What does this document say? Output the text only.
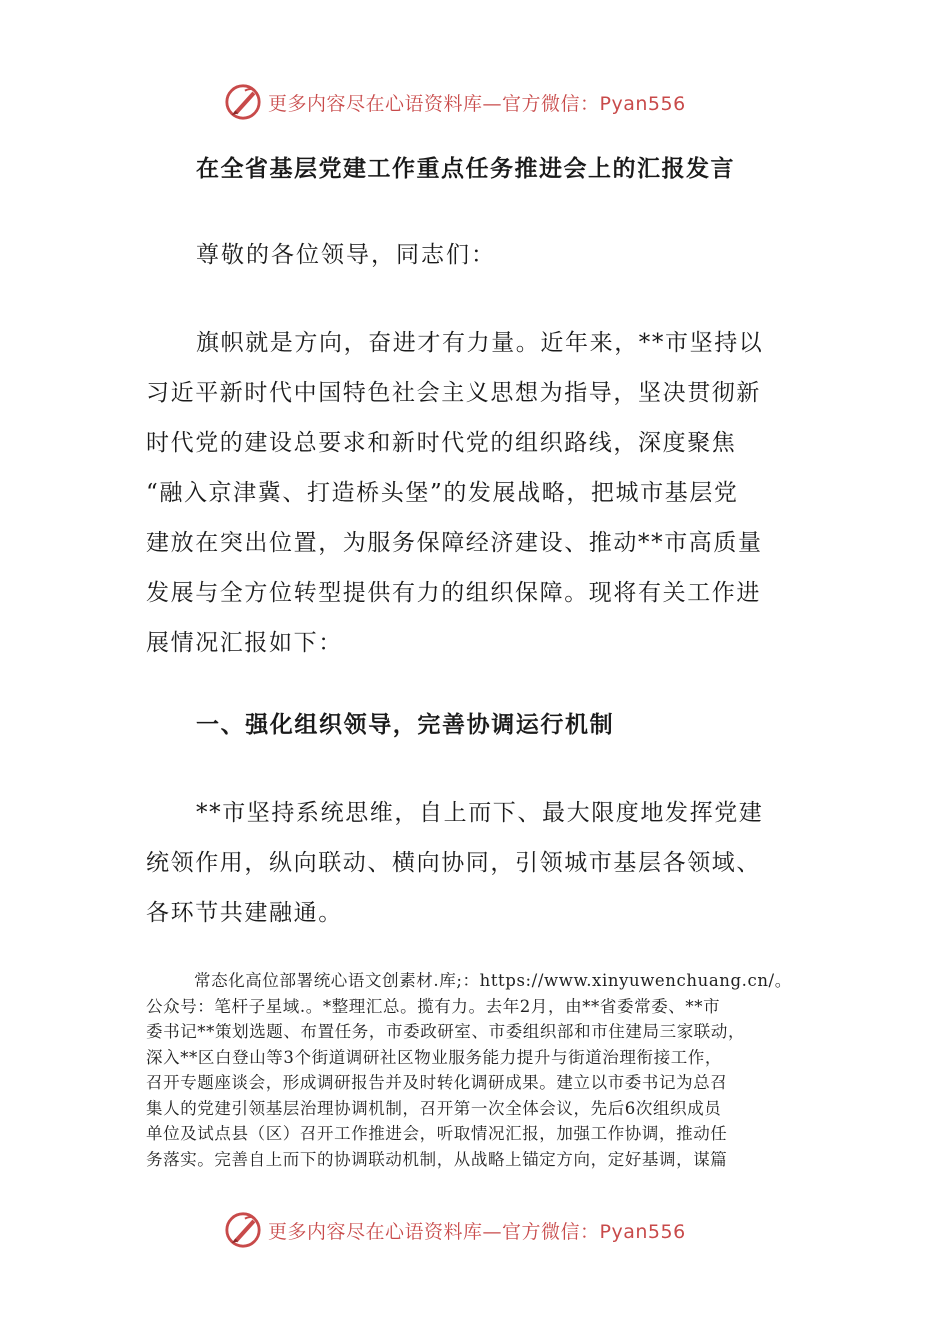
更多内容尽在心语资料库—官方微信：Pyan556
在全省基层党建工作重点任务推进会上的汇报发言
尊敬的各位领导，同志们：
旗帜就是方向，奋进才有力量。近年来，**市坚持以
习近平新时代中国特色社会主义思想为指导，坚决贯彻新
时代党的建设总要求和新时代党的组织路线，深度聚焦
“融入京津冀、打造桥头堡”的发展战略，把城市基层党
建放在突出位置，为服务保障经济建设、推动**市高质量
发展与全方位转型提供有力的组织保障。现将有关工作进
展情况汇报如下：
一、强化组织领导，完善协调运行机制
**市坚持系统思维，自上而下、最大限度地发挥党建
统领作用，纵向联动、横向协同，引领城市基层各领域、
各环节共建融通。
常态化高位部署统心语文创素材.库;：https://www.xinyuwenchuang.cn/。
公众号：笔杆子星域.。*整理汇总。揽有力。去年2月，由**省委常委、**市
委书记**策划选题、布置任务，市委政研室、市委组织部和市住建局三家联动，
深入**区白登山等3个街道调研社区物业服务能力提升与街道治理衔接工作，
召开专题座谈会，形成调研报告并及时转化调研成果。建立以市委书记为总召
集人的党建引领基层治理协调机制，召开第一次全体会议，先后6次组织成员
单位及试点县（区）召开工作推进会，听取情况汇报，加强工作协调，推动任
务落实。完善自上而下的协调联动机制，从战略上锚定方向，定好基调，谋篇
更多内容尽在心语资料库—官方微信：Pyan556
